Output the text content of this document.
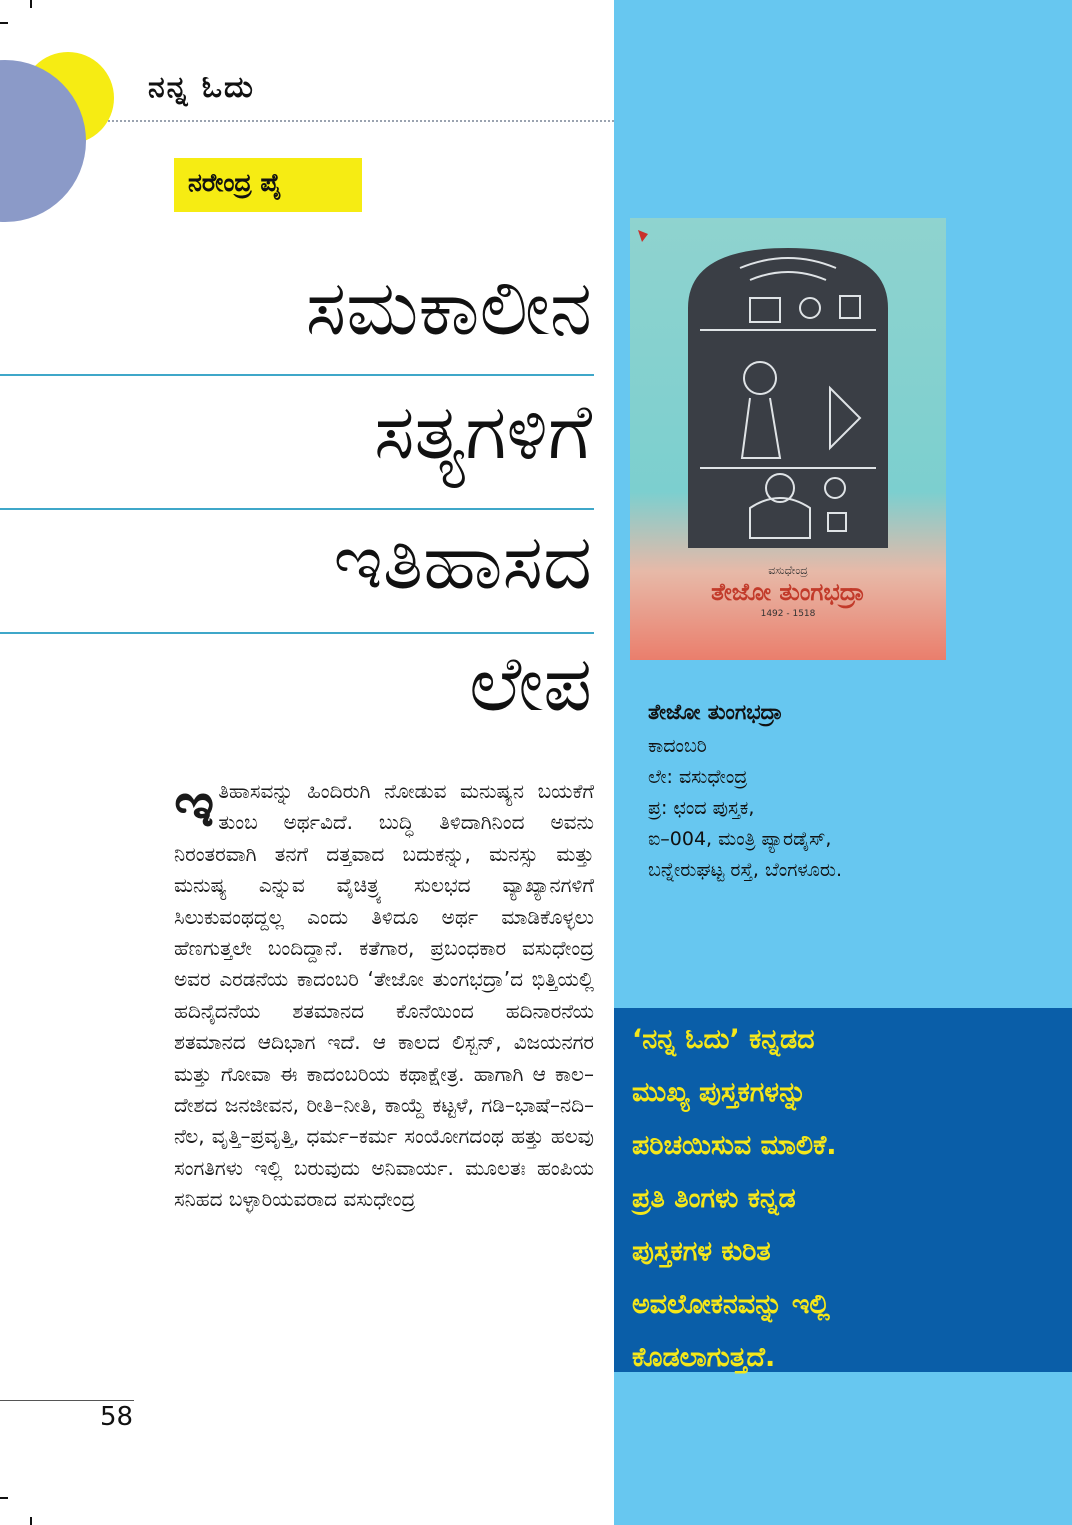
ನನ್ನ ಓದು
ನರೇಂದ್ರ ಪೈ
ಸಮಕಾಲೀನ
ಸತ್ಯಗಳಿಗೆ
ಇತಿಹಾಸದ
ಲೇಪ
ಇತಿಹಾಸವನ್ನು ಹಿಂದಿರುಗಿ ನೋಡುವ ಮನುಷ್ಯನ ಬಯಕೆಗೆ ತುಂಬ ಅರ್ಥವಿದೆ. ಬುದ್ಧಿ ತಿಳಿದಾಗಿನಿಂದ ಅವನು ನಿರಂತರವಾಗಿ ತನಗೆ ದತ್ತವಾದ ಬದುಕನ್ನು, ಮನಸ್ಸು ಮತ್ತು ಮನುಷ್ಯ ಎನ್ನುವ ವೈಚಿತ್ರ್ಯ ಸುಲಭದ ವ್ಯಾಖ್ಯಾನಗಳಿಗೆ ಸಿಲುಕುವಂಥದ್ದಲ್ಲ ಎಂದು ತಿಳಿದೂ ಅರ್ಥ ಮಾಡಿಕೊಳ್ಳಲು ಹೆಣಗುತ್ತಲೇ ಬಂದಿದ್ದಾನೆ. ಕತೆಗಾರ, ಪ್ರಬಂಧಕಾರ ವಸುಧೇಂದ್ರ ಅವರ ಎರಡನೆಯ ಕಾದಂಬರಿ ‘ತೇಜೋ ತುಂಗಭದ್ರಾ’ದ ಭಿತ್ತಿಯಲ್ಲಿ ಹದಿನೈದನೆಯ ಶತಮಾನದ ಕೊನೆಯಿಂದ ಹದಿನಾರನೆಯ ಶತಮಾನದ ಆದಿಭಾಗ ಇದೆ. ಆ ಕಾಲದ ಲಿಸ್ಬನ್, ವಿಜಯನಗರ ಮತ್ತು ಗೋವಾ ಈ ಕಾದಂಬರಿಯ ಕಥಾಕ್ಷೇತ್ರ. ಹಾಗಾಗಿ ಆ ಕಾಲ–ದೇಶದ ಜನಜೀವನ, ರೀತಿ–ನೀತಿ, ಕಾಯ್ದೆ ಕಟ್ಟಳೆ, ಗಡಿ–ಭಾಷೆ–ನದಿ–ನೆಲ, ವೃತ್ತಿ–ಪ್ರವೃತ್ತಿ, ಧರ್ಮ–ಕರ್ಮ ಸಂಯೋಗದಂಥ ಹತ್ತು ಹಲವು ಸಂಗತಿಗಳು ಇಲ್ಲಿ ಬರುವುದು ಅನಿವಾರ್ಯ. ಮೂಲತಃ ಹಂಪಿಯ ಸನಿಹದ ಬಳ್ಳಾರಿಯವರಾದ ವಸುಧೇಂದ್ರ
58
ವಸುಧೇಂದ್ರ
ತೇಜೋ ತುಂಗಭದ್ರಾ
1492 - 1518
ತೇಜೋ ತುಂಗಭದ್ರಾ
ಕಾದಂಬರಿ
ಲೇ: ವಸುಧೇಂದ್ರ
ಪ್ರ: ಛಂದ ಪುಸ್ತಕ,
ಐ–004, ಮಂತ್ರಿ ಪ್ಯಾರಡೈಸ್,
ಬನ್ನೇರುಘಟ್ಟ ರಸ್ತೆ, ಬೆಂಗಳೂರು.
‘ನನ್ನ ಓದು’ ಕನ್ನಡದ
ಮುಖ್ಯ ಪುಸ್ತಕಗಳನ್ನು
ಪರಿಚಯಿಸುವ ಮಾಲಿಕೆ.
ಪ್ರತಿ ತಿಂಗಳು ಕನ್ನಡ
ಪುಸ್ತಕಗಳ ಕುರಿತ
ಅವಲೋಕನವನ್ನು ಇಲ್ಲಿ
ಕೊಡಲಾಗುತ್ತದೆ.
